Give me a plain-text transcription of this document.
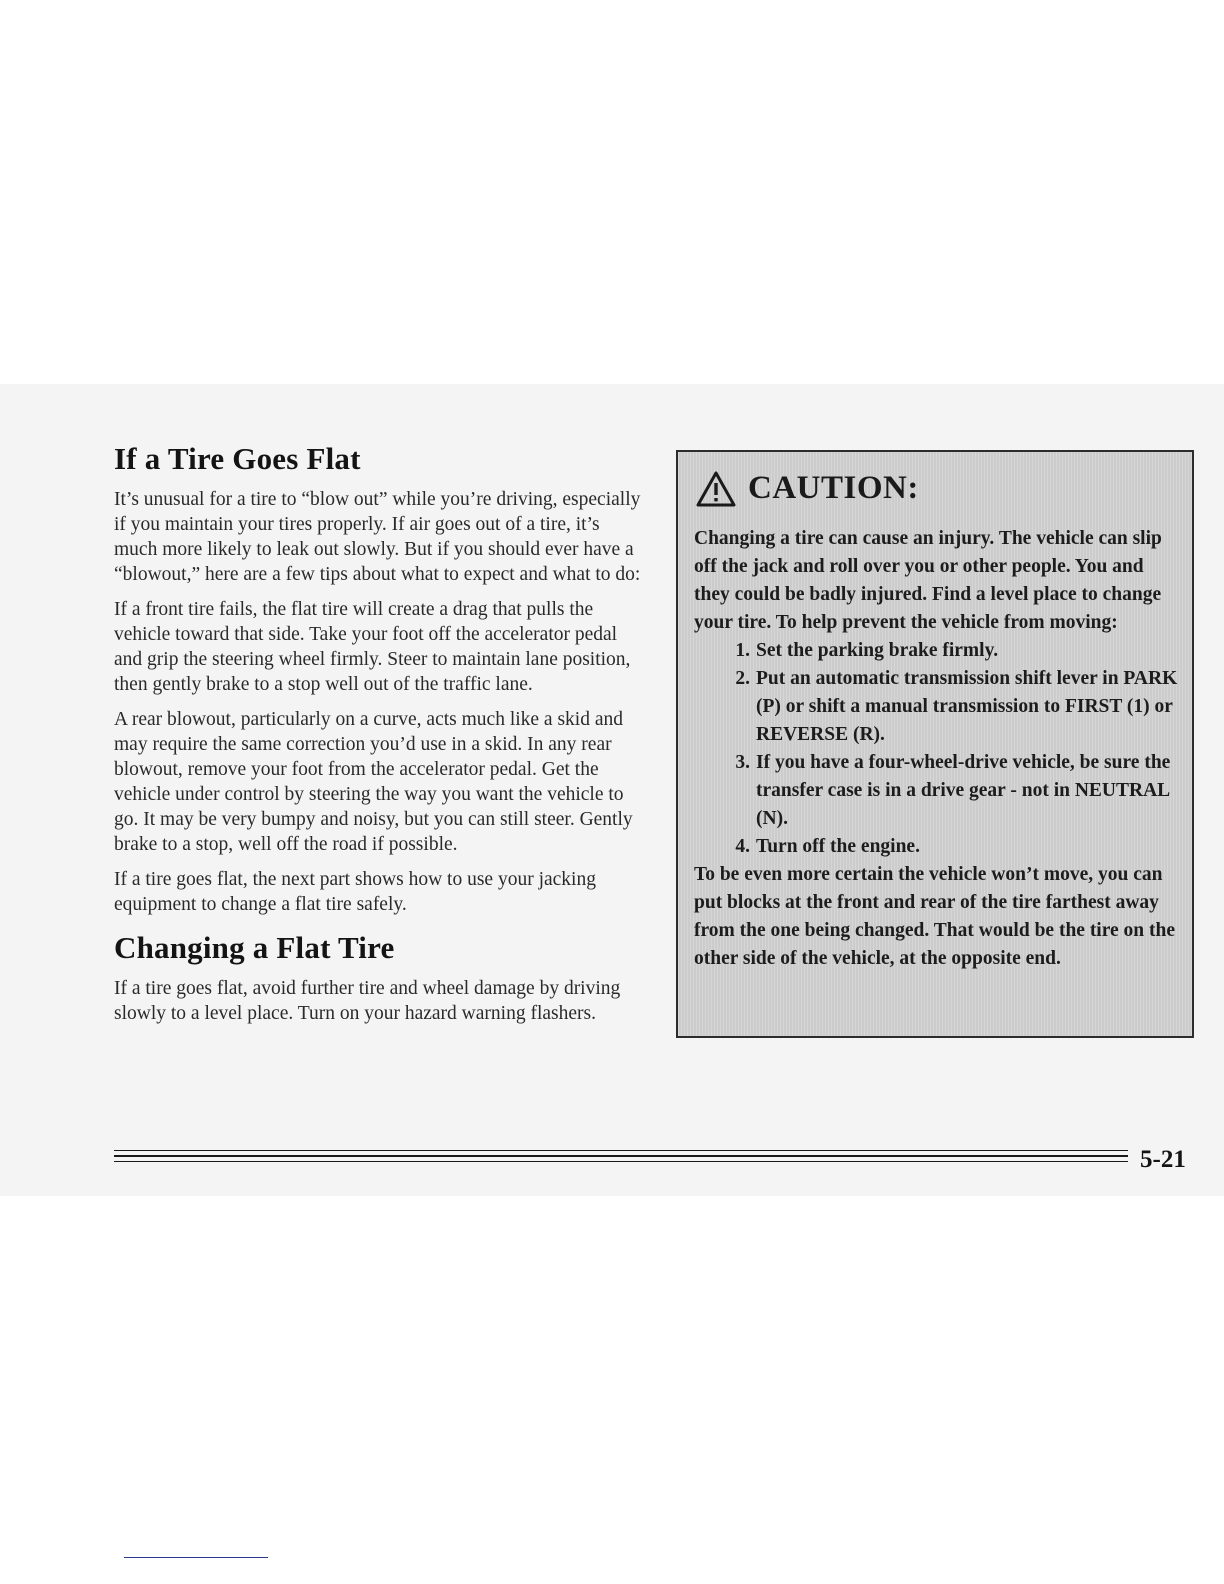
If a Tire Goes Flat

It’s unusual for a tire to “blow out” while you’re driving, especially if you maintain your tires properly. If air goes out of a tire, it’s much more likely to leak out slowly. But if you should ever have a “blowout,” here are a few tips about what to expect and what to do:

If a front tire fails, the flat tire will create a drag that pulls the vehicle toward that side. Take your foot off the accelerator pedal and grip the steering wheel firmly. Steer to maintain lane position, then gently brake to a stop well out of the traffic lane.

A rear blowout, particularly on a curve, acts much like a skid and may require the same correction you’d use in a skid. In any rear blowout, remove your foot from the accelerator pedal. Get the vehicle under control by steering the way you want the vehicle to go. It may be very bumpy and noisy, but you can still steer. Gently brake to a stop, well off the road if possible.

If a tire goes flat, the next part shows how to use your jacking equipment to change a flat tire safely.

Changing a Flat Tire

If a tire goes flat, avoid further tire and wheel damage by driving slowly to a level place. Turn on your hazard warning flashers.

CAUTION:

Changing a tire can cause an injury. The vehicle can slip off the jack and roll over you or other people. You and they could be badly injured. Find a level place to change your tire. To help prevent the vehicle from moving:

1. Set the parking brake firmly.
2. Put an automatic transmission shift lever in PARK (P) or shift a manual transmission to FIRST (1) or REVERSE (R).
3. If you have a four-wheel-drive vehicle, be sure the transfer case is in a drive gear - not in NEUTRAL (N).
4. Turn off the engine.

To be even more certain the vehicle won’t move, you can put blocks at the front and rear of the tire farthest away from the one being changed. That would be the tire on the other side of the vehicle, at the opposite end.

5-21
